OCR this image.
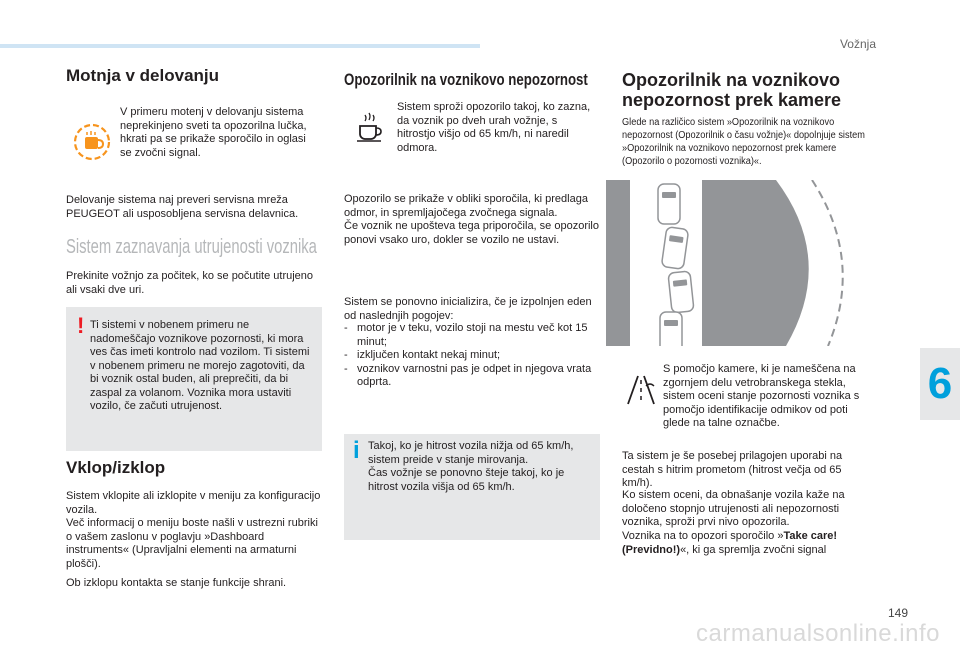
Vožnja
6
149
carmanualsonline.info
Motnja v delovanju

V primeru motenj v delovanju sistema neprekinjeno sveti ta opozorilna lučka, hkrati pa se prikaže sporočilo in oglasi se zvočni signal.

Delovanje sistema naj preveri servisna mreža PEUGEOT ali usposobljena servisna delavnica.

Sistem zaznavanja utrujenosti voznika

Prekinite vožnjo za počitek, ko se počutite utrujeno ali vsaki dve uri.

! Ti sistemi v nobenem primeru ne nadomeščajo voznikove pozornosti, ki mora ves čas imeti kontrolo nad vozilom. Ti sistemi v nobenem primeru ne morejo zagotoviti, da bi voznik ostal buden, ali preprečiti, da bi zaspal za volanom. Voznika mora ustaviti vozilo, če začuti utrujenost.

Vklop/izklop

Sistem vklopite ali izklopite v meniju za konfiguracijo vozila.
Več informacij o meniju boste našli v ustrezni rubriki o vašem zaslonu v poglavju »Dashboard instruments« (Upravljalni elementi na armaturni plošči).

Ob izklopu kontakta se stanje funkcije shrani.

Opozorilnik na voznikovo nepozornost

Sistem sproži opozorilo takoj, ko zazna, da voznik po dveh urah vožnje, s hitrostjo višjo od 65 km/h, ni naredil odmora.

Opozorilo se prikaže v obliki sporočila, ki predlaga odmor, in spremljajočega zvočnega signala.
Če voznik ne upošteva tega priporočila, se opozorilo ponovi vsako uro, dokler se vozilo ne ustavi.

Sistem se ponovno inicializira, če je izpolnjen eden od naslednjih pogojev:

- motor je v teku, vozilo stoji na mestu več kot 15 minut;
- izključen kontakt nekaj minut;
- voznikov varnostni pas je odpet in njegova vrata odprta.
i Takoj, ko je hitrost vozila nižja od 65 km/h, sistem preide v stanje mirovanja.
Čas vožnje se ponovno šteje takoj, ko je hitrost vozila višja od 65 km/h.

Opozorilnik na voznikovo nepozornost prek kamere

Glede na različico sistem »Opozorilnik na voznikovo nepozornost (Opozorilnik o času vožnje)« dopolnjuje sistem »Opozorilnik na voznikovo nepozornost prek kamere (Opozorilo o pozornosti voznika)«.

S pomočjo kamere, ki je nameščena na zgornjem delu vetrobranskega stekla, sistem oceni stanje pozornosti voznika s pomočjo identifikacije odmikov od poti glede na talne označbe.

Ta sistem je še posebej prilagojen uporabi na cestah s hitrim prometom (hitrost večja od 65 km/h).

Ko sistem oceni, da obnašanje vozila kaže na določeno stopnjo utrujenosti ali nepozornosti voznika, sproži prvi nivo opozorila.

Voznika na to opozori sporočilo »Take care! (Previdno!)«, ki ga spremlja zvočni signal
